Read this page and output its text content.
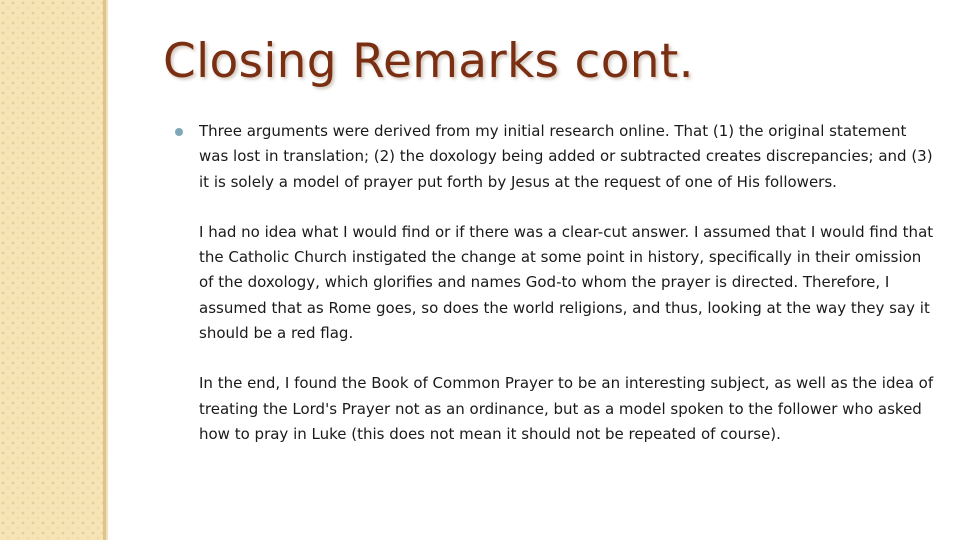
Closing Remarks cont.

Three arguments were derived from my initial research online. That (1) the original statement was lost in translation; (2) the doxology being added or subtracted creates discrepancies; and (3) it is solely a model of prayer put forth by Jesus at the request of one of His followers.

I had no idea what I would find or if there was a clear-cut answer. I assumed that I would find that the Catholic Church instigated the change at some point in history, specifically in their omission of the doxology, which glorifies and names God-to whom the prayer is directed. Therefore, I assumed that as Rome goes, so does the world religions, and thus, looking at the way they say it should be a red flag.

In the end, I found the Book of Common Prayer to be an interesting subject, as well as the idea of treating the Lord's Prayer not as an ordinance, but as a model spoken to the follower who asked how to pray in Luke (this does not mean it should not be repeated of course).
